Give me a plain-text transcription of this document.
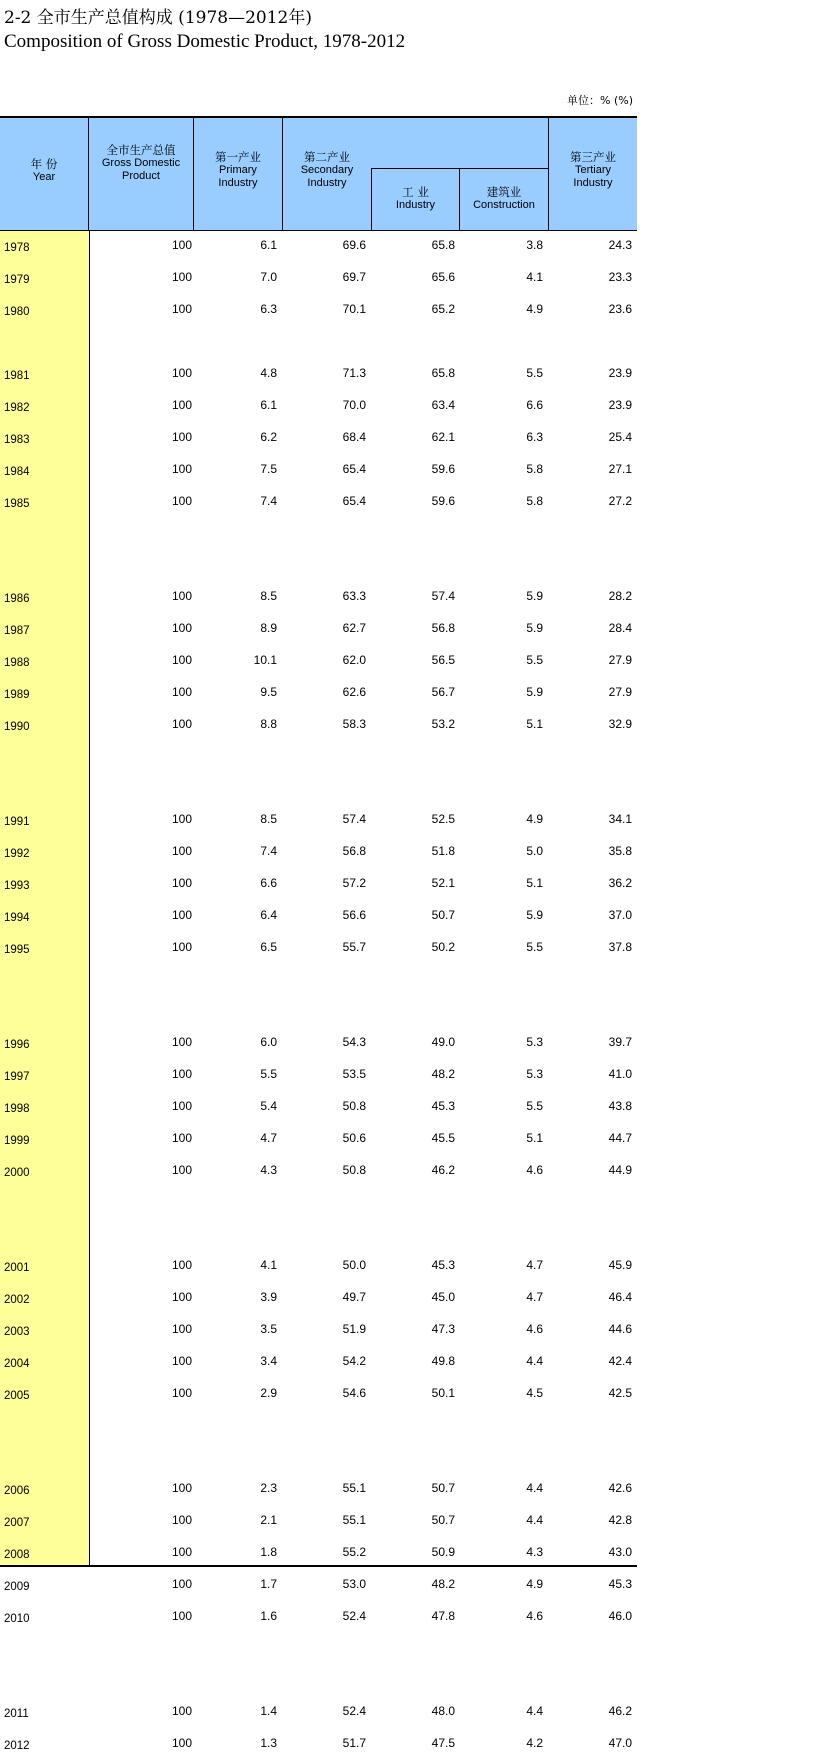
2-2 全市生产总值构成 (1978—2012年)
Composition of Gross Domestic Product, 1978-2012
单位：% (%)
年 份
Year
全市生产总值
Gross Domestic
Product
第一产业
Primary
Industry
第二产业
Secondary
Industry
工 业
Industry
建筑业
Construction
第三产业
Tertiary
Industry
1978	100	6.1	69.6	65.8	3.8	24.3
1979	100	7.0	69.7	65.6	4.1	23.3
1980	100	6.3	70.1	65.2	4.9	23.6
1981	100	4.8	71.3	65.8	5.5	23.9
1982	100	6.1	70.0	63.4	6.6	23.9
1983	100	6.2	68.4	62.1	6.3	25.4
1984	100	7.5	65.4	59.6	5.8	27.1
1985	100	7.4	65.4	59.6	5.8	27.2
1986	100	8.5	63.3	57.4	5.9	28.2
1987	100	8.9	62.7	56.8	5.9	28.4
1988	100	10.1	62.0	56.5	5.5	27.9
1989	100	9.5	62.6	56.7	5.9	27.9
1990	100	8.8	58.3	53.2	5.1	32.9
1991	100	8.5	57.4	52.5	4.9	34.1
1992	100	7.4	56.8	51.8	5.0	35.8
1993	100	6.6	57.2	52.1	5.1	36.2
1994	100	6.4	56.6	50.7	5.9	37.0
1995	100	6.5	55.7	50.2	5.5	37.8
1996	100	6.0	54.3	49.0	5.3	39.7
1997	100	5.5	53.5	48.2	5.3	41.0
1998	100	5.4	50.8	45.3	5.5	43.8
1999	100	4.7	50.6	45.5	5.1	44.7
2000	100	4.3	50.8	46.2	4.6	44.9
2001	100	4.1	50.0	45.3	4.7	45.9
2002	100	3.9	49.7	45.0	4.7	46.4
2003	100	3.5	51.9	47.3	4.6	44.6
2004	100	3.4	54.2	49.8	4.4	42.4
2005	100	2.9	54.6	50.1	4.5	42.5
2006	100	2.3	55.1	50.7	4.4	42.6
2007	100	2.1	55.1	50.7	4.4	42.8
2008	100	1.8	55.2	50.9	4.3	43.0
2009	100	1.7	53.0	48.2	4.9	45.3
2010	100	1.6	52.4	47.8	4.6	46.0
2011	100	1.4	52.4	48.0	4.4	46.2
2012	100	1.3	51.7	47.5	4.2	47.0
